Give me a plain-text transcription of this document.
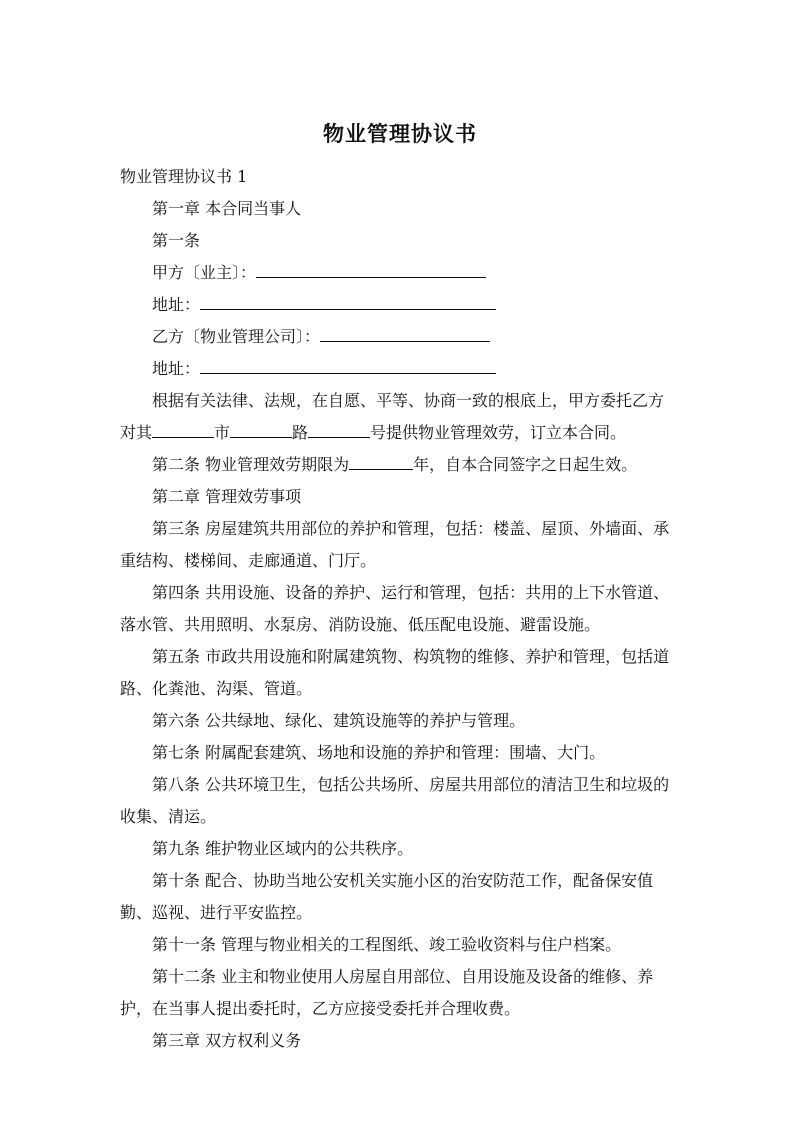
物业管理协议书
物业管理协议书 1
第一章 本合同当事人
第一条
甲方〔业主〕：
地址：
乙方〔物业管理公司〕：
地址：
根据有关法律、法规，在自愿、平等、协商一致的根底上，甲方委托乙方
对其	市	路	号提供物业管理效劳，订立本合同。
第二条 物业管理效劳期限为	年，自本合同签字之日起生效。
第二章 管理效劳事项
第三条 房屋建筑共用部位的养护和管理，包括：楼盖、屋顶、外墙面、承
重结构、楼梯间、走廊通道、门厅。
第四条 共用设施、设备的养护、运行和管理，包括：共用的上下水管道、
落水管、共用照明、水泵房、消防设施、低压配电设施、避雷设施。
第五条 市政共用设施和附属建筑物、构筑物的维修、养护和管理，包括道
路、化粪池、沟渠、管道。
第六条 公共绿地、绿化、建筑设施等的养护与管理。
第七条 附属配套建筑、场地和设施的养护和管理：围墙、大门。
第八条 公共环境卫生，包括公共场所、房屋共用部位的清洁卫生和垃圾的
收集、清运。
第九条 维护物业区域内的公共秩序。
第十条 配合、协助当地公安机关实施小区的治安防范工作，配备保安值
勤、巡视、进行平安监控。
第十一条 管理与物业相关的工程图纸、竣工验收资料与住户档案。
第十二条 业主和物业使用人房屋自用部位、自用设施及设备的维修、养
护，在当事人提出委托时，乙方应接受委托并合理收费。
第三章 双方权利义务
